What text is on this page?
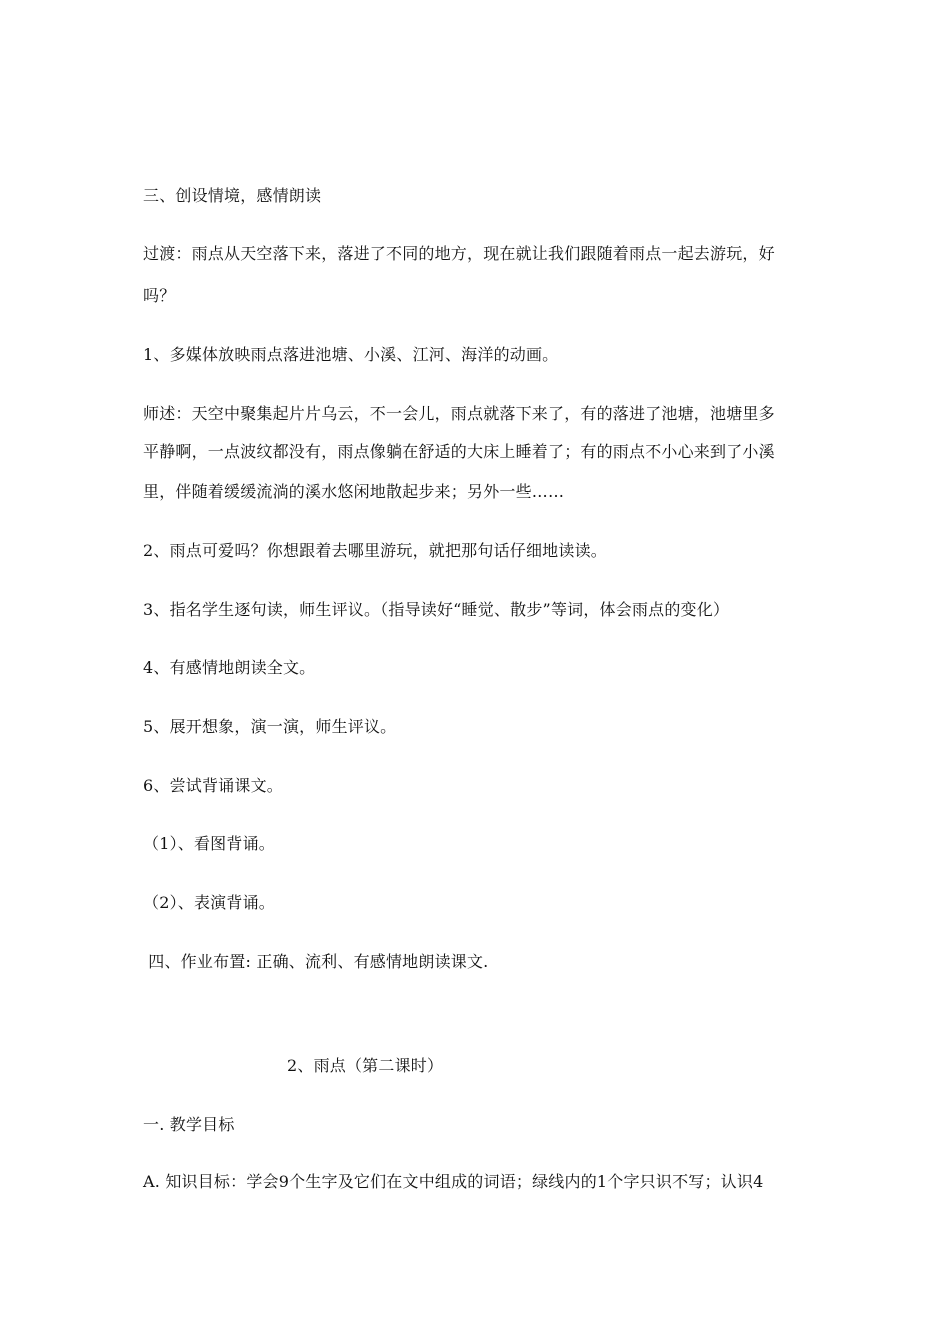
三、创设情境，感情朗读
过渡：雨点从天空落下来，落进了不同的地方，现在就让我们跟随着雨点一起去游玩，好
吗？
1、多媒体放映雨点落进池塘、小溪、江河、海洋的动画。
师述：天空中聚集起片片乌云，不一会儿，雨点就落下来了，有的落进了池塘，池塘里多
平静啊，一点波纹都没有，雨点像躺在舒适的大床上睡着了；有的雨点不小心来到了小溪
里，伴随着缓缓流淌的溪水悠闲地散起步来；另外一些……
2、雨点可爱吗？你想跟着去哪里游玩，就把那句话仔细地读读。
3、指名学生逐句读，师生评议。（指导读好“睡觉、散步”等词，体会雨点的变化）
4、有感情地朗读全文。
5、展开想象，演一演，师生评议。
6、尝试背诵课文。
（1）、看图背诵。
（2）、表演背诵。
四、作业布置: 正确、流利、有感情地朗读课文.
2、雨点（第二课时）
一. 教学目标
A. 知识目标：学会9个生字及它们在文中组成的词语；绿线内的1个字只识不写；认识4
